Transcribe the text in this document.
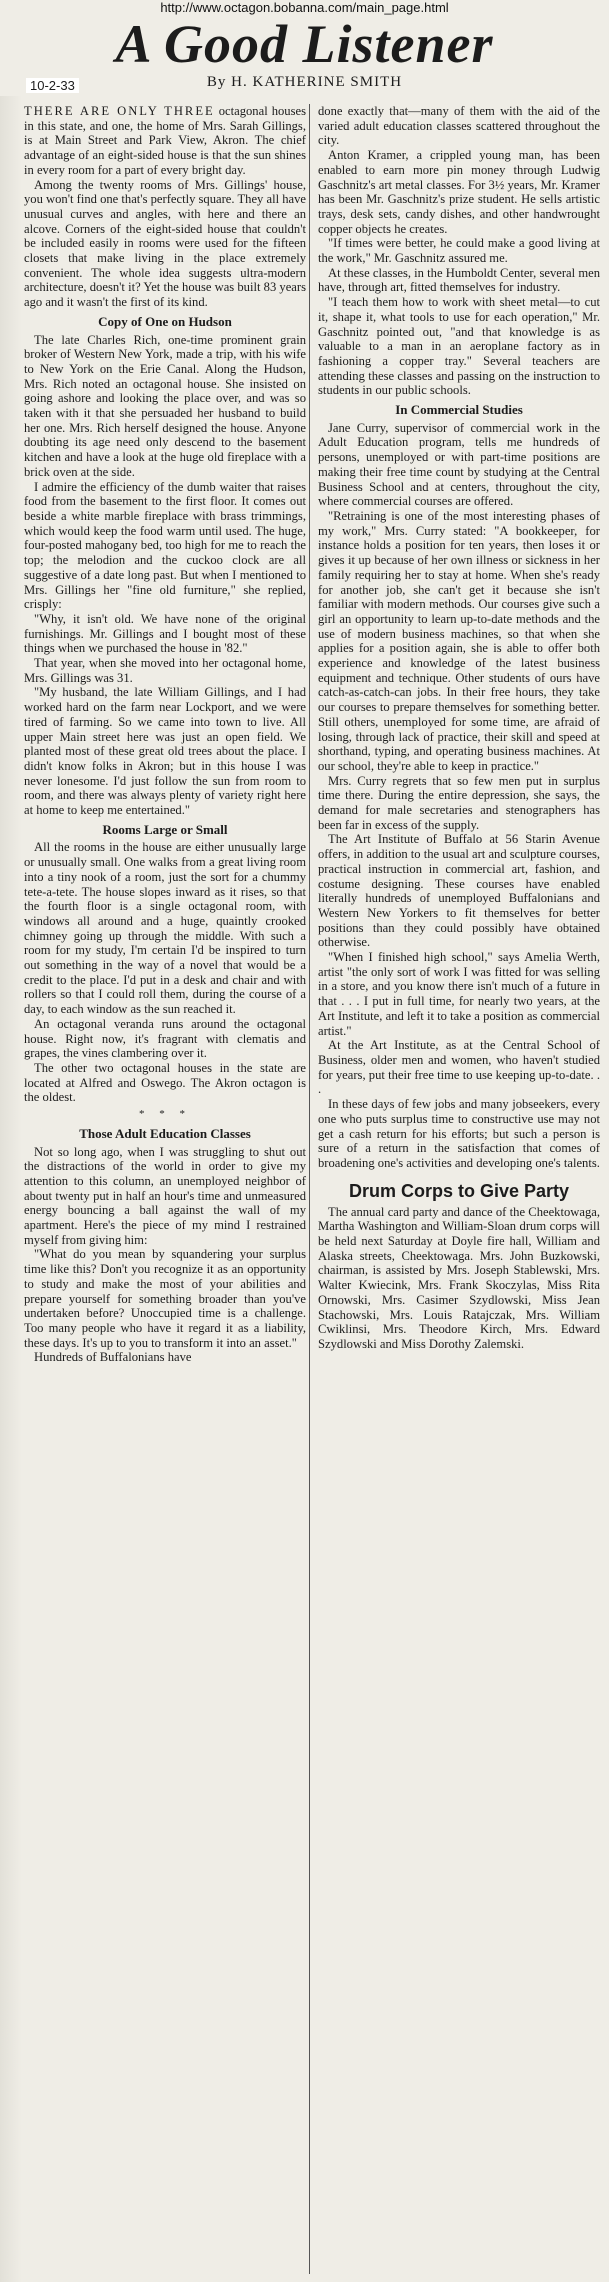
http://www.octagon.bobanna.com/main_page.html
A Good Listener
10-2-33	By H. KATHERINE SMITH

THERE ARE ONLY THREE octagonal houses in this state, and one, the home of Mrs. Sarah Gillings, is at Main Street and Park View, Akron. The chief advantage of an eight-sided house is that the sun shines in every room for a part of every bright day.

Among the twenty rooms of Mrs. Gillings' house, you won't find one that's perfectly square. They all have unusual curves and angles, with here and there an alcove. Corners of the eight-sided house that couldn't be included easily in rooms were used for the fifteen closets that make living in the place extremely convenient. The whole idea suggests ultra-modern architecture, doesn't it? Yet the house was built 83 years ago and it wasn't the first of its kind.

Copy of One on Hudson

The late Charles Rich, one-time prominent grain broker of Western New York, made a trip, with his wife to New York on the Erie Canal. Along the Hudson, Mrs. Rich noted an octagonal house. She insisted on going ashore and looking the place over, and was so taken with it that she persuaded her husband to build her one. Mrs. Rich herself designed the house. Anyone doubting its age need only descend to the basement kitchen and have a look at the huge old fireplace with a brick oven at the side.

I admire the efficiency of the dumb waiter that raises food from the basement to the first floor. It comes out beside a white marble fireplace with brass trimmings, which would keep the food warm until used. The huge, four-posted mahogany bed, too high for me to reach the top; the melodion and the cuckoo clock are all suggestive of a date long past. But when I mentioned to Mrs. Gillings her "fine old furniture," she replied, crisply:

"Why, it isn't old. We have none of the original furnishings. Mr. Gillings and I bought most of these things when we purchased the house in '82."

That year, when she moved into her octagonal home, Mrs. Gillings was 31.

"My husband, the late William Gillings, and I had worked hard on the farm near Lockport, and we were tired of farming. So we came into town to live. All upper Main street here was just an open field. We planted most of these great old trees about the place. I didn't know folks in Akron; but in this house I was never lonesome. I'd just follow the sun from room to room, and there was always plenty of variety right here at home to keep me entertained."

Rooms Large or Small

All the rooms in the house are either unusually large or unusually small. One walks from a great living room into a tiny nook of a room, just the sort for a chummy tete-a-tete. The house slopes inward as it rises, so that the fourth floor is a single octagonal room, with windows all around and a huge, quaintly crooked chimney going up through the middle. With such a room for my study, I'm certain I'd be inspired to turn out something in the way of a novel that would be a credit to the place. I'd put in a desk and chair and with rollers so that I could roll them, during the course of a day, to each window as the sun reached it.

An octagonal veranda runs around the octagonal house. Right now, it's fragrant with clematis and grapes, the vines clambering over it.

The other two octagonal houses in the state are located at Alfred and Oswego. The Akron octagon is the oldest.

* * *
Those Adult Education Classes

Not so long ago, when I was struggling to shut out the distractions of the world in order to give my attention to this column, an unemployed neighbor of about twenty put in half an hour's time and unmeasured energy bouncing a ball against the wall of my apartment. Here's the piece of my mind I restrained myself from giving him:

"What do you mean by squandering your surplus time like this? Don't you recognize it as an opportunity to study and make the most of your abilities and prepare yourself for something broader than you've undertaken before? Unoccupied time is a challenge. Too many people who have it regard it as a liability, these days. It's up to you to transform it into an asset."

Hundreds of Buffalonians have

done exactly that—many of them with the aid of the varied adult education classes scattered throughout the city.

Anton Kramer, a crippled young man, has been enabled to earn more pin money through Ludwig Gaschnitz's art metal classes. For 3½ years, Mr. Kramer has been Mr. Gaschnitz's prize student. He sells artistic trays, desk sets, candy dishes, and other handwrought copper objects he creates.

"If times were better, he could make a good living at the work," Mr. Gaschnitz assured me.

At these classes, in the Humboldt Center, several men have, through art, fitted themselves for industry.

"I teach them how to work with sheet metal—to cut it, shape it, what tools to use for each operation," Mr. Gaschnitz pointed out, "and that knowledge is as valuable to a man in an aeroplane factory as in fashioning a copper tray." Several teachers are attending these classes and passing on the instruction to students in our public schools.

In Commercial Studies

Jane Curry, supervisor of commercial work in the Adult Education program, tells me hundreds of persons, unemployed or with part-time positions are making their free time count by studying at the Central Business School and at centers, throughout the city, where commercial courses are offered.

"Retraining is one of the most interesting phases of my work," Mrs. Curry stated: "A bookkeeper, for instance holds a position for ten years, then loses it or gives it up because of her own illness or sickness in her family requiring her to stay at home. When she's ready for another job, she can't get it because she isn't familiar with modern methods. Our courses give such a girl an opportunity to learn up-to-date methods and the use of modern business machines, so that when she applies for a position again, she is able to offer both experience and knowledge of the latest business equipment and technique. Other students of ours have catch-as-catch-can jobs. In their free hours, they take our courses to prepare themselves for something better. Still others, unemployed for some time, are afraid of losing, through lack of practice, their skill and speed at shorthand, typing, and operating business machines. At our school, they're able to keep in practice."

Mrs. Curry regrets that so few men put in surplus time there. During the entire depression, she says, the demand for male secretaries and stenographers has been far in excess of the supply.

The Art Institute of Buffalo at 56 Starin Avenue offers, in addition to the usual art and sculpture courses, practical instruction in commercial art, fashion, and costume designing. These courses have enabled literally hundreds of unemployed Buffalonians and Western New Yorkers to fit themselves for better positions than they could possibly have obtained otherwise.

"When I finished high school," says Amelia Werth, artist "the only sort of work I was fitted for was selling in a store, and you know there isn't much of a future in that . . . I put in full time, for nearly two years, at the Art Institute, and left it to take a position as commercial artist."

At the Art Institute, as at the Central School of Business, older men and women, who haven't studied for years, put their free time to use keeping up-to-date. . .

In these days of few jobs and many jobseekers, every one who puts surplus time to constructive use may not get a cash return for his efforts; but such a person is sure of a return in the satisfaction that comes of broadening one's activities and developing one's talents.

Drum Corps to Give Party

The annual card party and dance of the Cheektowaga, Martha Washington and William-Sloan drum corps will be held next Saturday at Doyle fire hall, William and Alaska streets, Cheektowaga. Mrs. John Buzkowski, chairman, is assisted by Mrs. Joseph Stablewski, Mrs. Walter Kwiecink, Mrs. Frank Skoczylas, Miss Rita Ornowski, Mrs. Casimer Szydlowski, Miss Jean Stachowski, Mrs. Louis Ratajczak, Mrs. William Cwiklinsi, Mrs. Theodore Kirch, Mrs. Edward Szydlowski and Miss Dorothy Zalemski.
